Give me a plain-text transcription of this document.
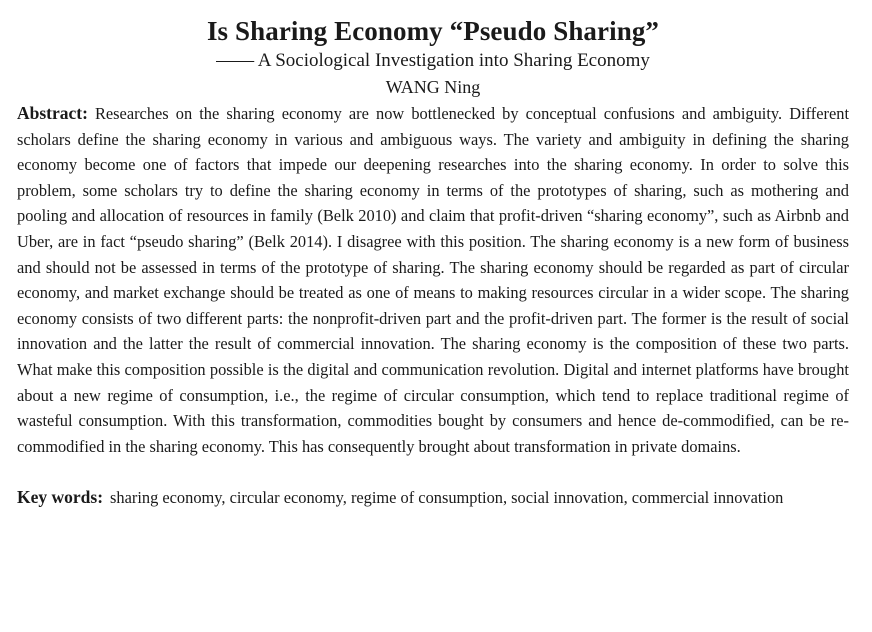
Is Sharing Economy “Pseudo Sharing”
—— A Sociological Investigation into Sharing Economy
WANG Ning
Abstract: Researches on the sharing economy are now bottlenecked by conceptual confusions and ambiguity. Different scholars define the sharing economy in various and ambiguous ways. The variety and ambiguity in defining the sharing economy become one of factors that impede our deepening researches into the sharing economy. In order to solve this problem, some scholars try to define the sharing economy in terms of the prototypes of sharing, such as mothering and pooling and allocation of resources in family (Belk 2010) and claim that profit-driven “sharing economy”, such as Airbnb and Uber, are in fact “pseudo sharing” (Belk 2014). I disagree with this position. The sharing economy is a new form of business and should not be assessed in terms of the prototype of sharing. The sharing economy should be regarded as part of circular economy, and market exchange should be treated as one of means to making resources circular in a wider scope. The sharing economy consists of two different parts: the nonprofit-driven part and the profit-driven part. The former is the result of social innovation and the latter the result of commercial innovation. The sharing economy is the composition of these two parts. What make this composition possible is the digital and communication revolution. Digital and internet platforms have brought about a new regime of consumption, i.e., the regime of circular consumption, which tend to replace traditional regime of wasteful consumption. With this transformation, commodities bought by consumers and hence de-commodified, can be re-commodified in the sharing economy. This has consequently brought about transformation in private domains.
Key words: sharing economy, circular economy, regime of consumption, social innovation, commercial innovation
